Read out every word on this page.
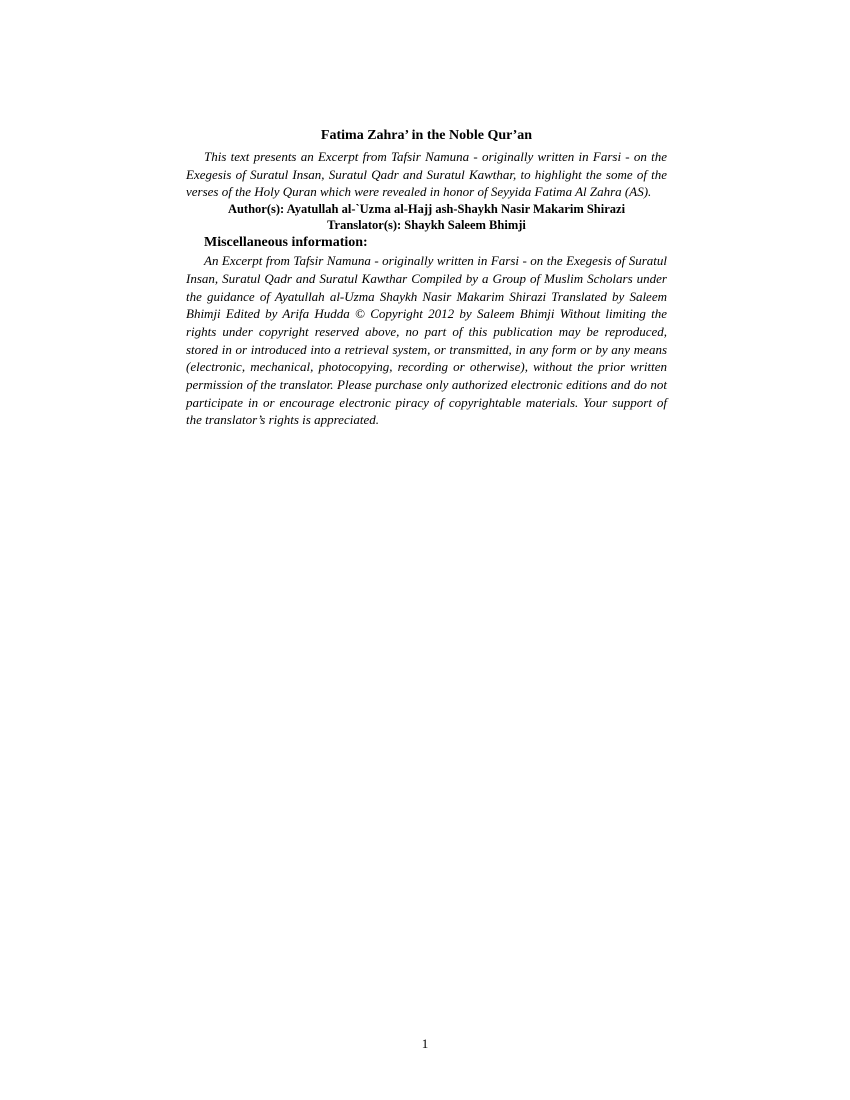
Fatima Zahra’ in the Noble Qur’an

This text presents an Excerpt from Tafsir Namuna - originally written in Farsi - on the Exegesis of Suratul Insan, Suratul Qadr and Suratul Kawthar, to highlight the some of the verses of the Holy Quran which were revealed in honor of Seyyida Fatima Al Zahra (AS).

Author(s): Ayatullah al-`Uzma al-Hajj ash-Shaykh Nasir Makarim Shirazi

Translator(s): Shaykh Saleem Bhimji

Miscellaneous information:

An Excerpt from Tafsir Namuna - originally written in Farsi - on the Exegesis of Suratul Insan, Suratul Qadr and Suratul Kawthar Compiled by a Group of Muslim Scholars under the guidance of Ayatullah al-Uzma Shaykh Nasir Makarim Shirazi Translated by Saleem Bhimji Edited by Arifa Hudda © Copyright 2012 by Saleem Bhimji Without limiting the rights under copyright reserved above, no part of this publication may be reproduced, stored in or introduced into a retrieval system, or transmitted, in any form or by any means (electronic, mechanical, photocopying, recording or otherwise), without the prior written permission of the translator. Please purchase only authorized electronic editions and do not participate in or encourage electronic piracy of copyrightable materials. Your support of the translator’s rights is appreciated.

1
